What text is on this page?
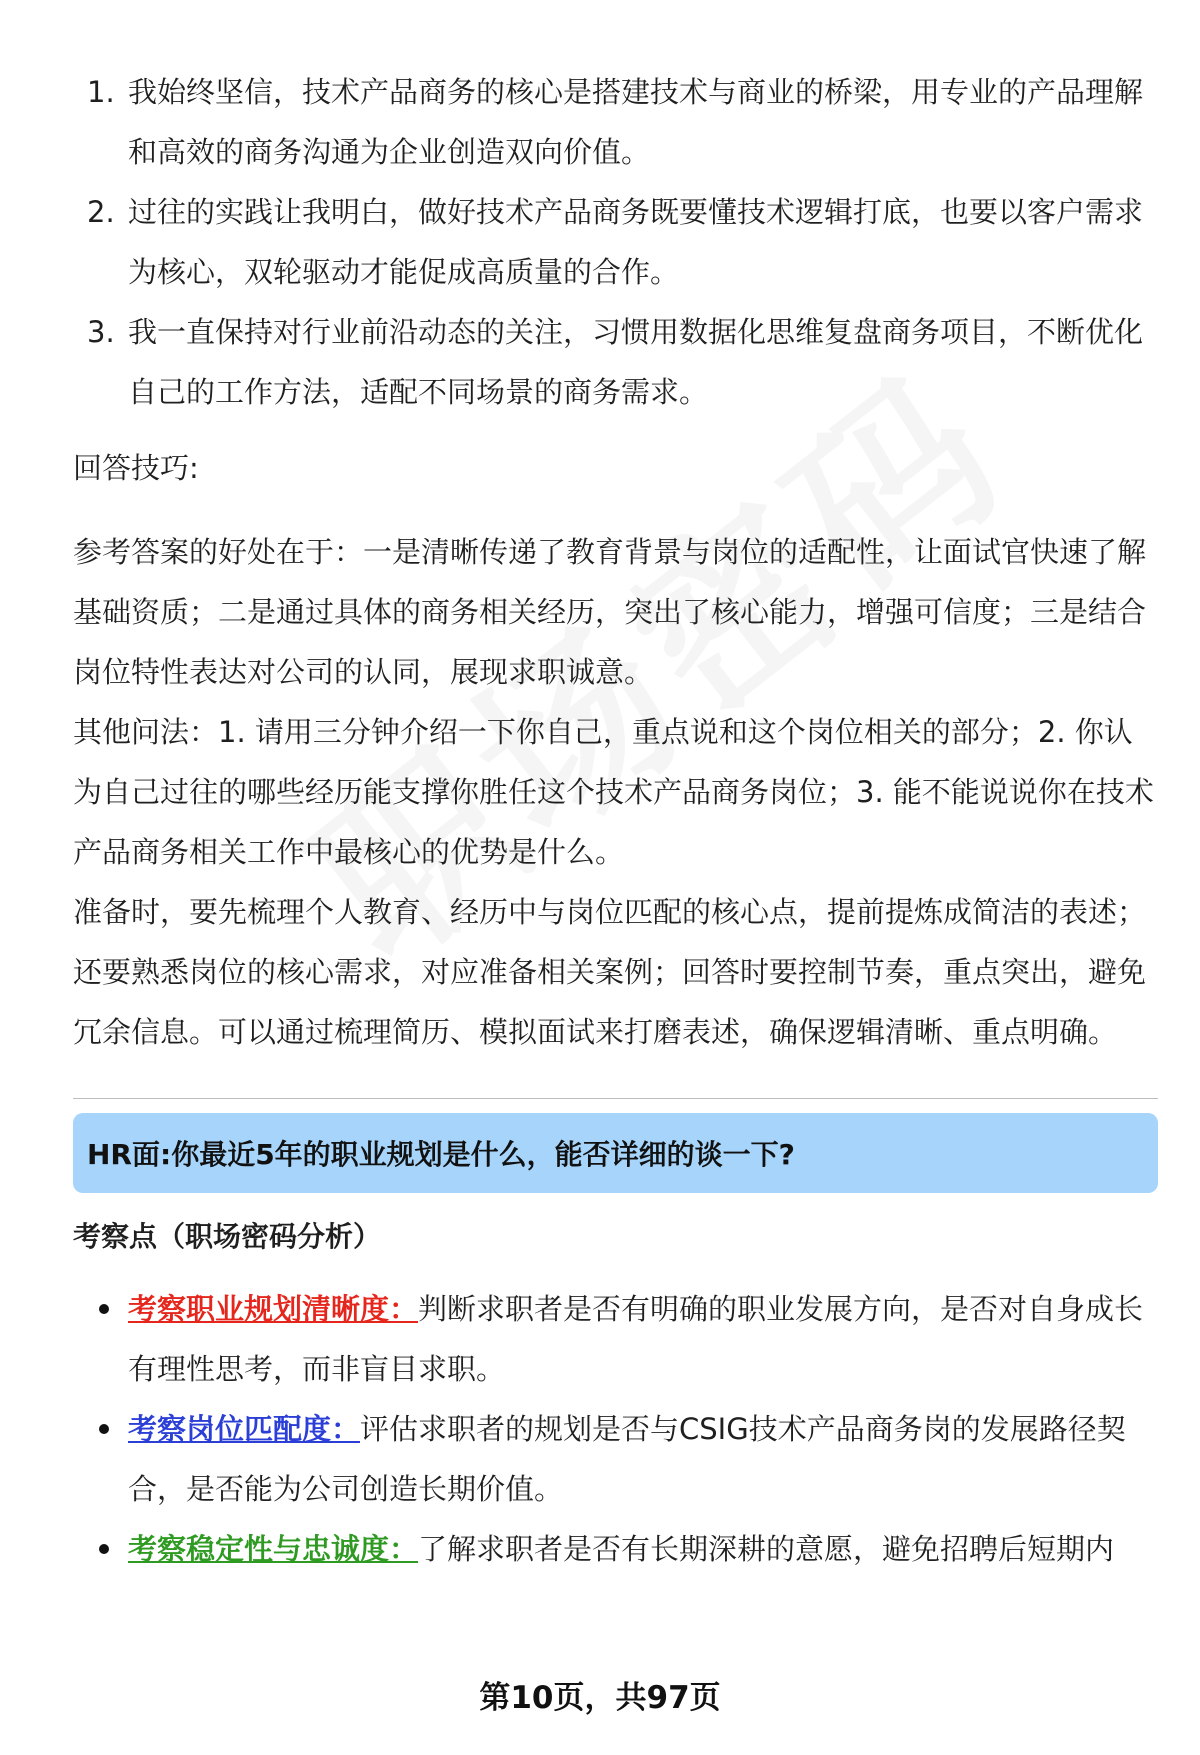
1. 我始终坚信，技术产品商务的核心是搭建技术与商业的桥梁，用专业的产品理解和高效的商务沟通为企业创造双向价值。
2. 过往的实践让我明白，做好技术产品商务既要懂技术逻辑打底，也要以客户需求为核心，双轮驱动才能促成高质量的合作。
3. 我一直保持对行业前沿动态的关注，习惯用数据化思维复盘商务项目，不断优化自己的工作方法，适配不同场景的商务需求。

回答技巧:

参考答案的好处在于：一是清晰传递了教育背景与岗位的适配性，让面试官快速了解基础资质；二是通过具体的商务相关经历，突出了核心能力，增强可信度；三是结合岗位特性表达对公司的认同，展现求职诚意。

其他问法：1. 请用三分钟介绍一下你自己，重点说和这个岗位相关的部分；2. 你认为自己过往的哪些经历能支撑你胜任这个技术产品商务岗位；3. 能不能说说你在技术产品商务相关工作中最核心的优势是什么。

准备时，要先梳理个人教育、经历中与岗位匹配的核心点，提前提炼成简洁的表述；还要熟悉岗位的核心需求，对应准备相关案例；回答时要控制节奏，重点突出，避免冗余信息。可以通过梳理简历、模拟面试来打磨表述，确保逻辑清晰、重点明确。

HR面:你最近5年的职业规划是什么，能否详细的谈一下?
考察点（职场密码分析）
考察职业规划清晰度：判断求职者是否有明确的职业发展方向，是否对自身成长有理性思考，而非盲目求职。
考察岗位匹配度：评估求职者的规划是否与CSIG技术产品商务岗的发展路径契合，是否能为公司创造长期价值。
考察稳定性与忠诚度：了解求职者是否有长期深耕的意愿，避免招聘后短期内
第10页，共97页
